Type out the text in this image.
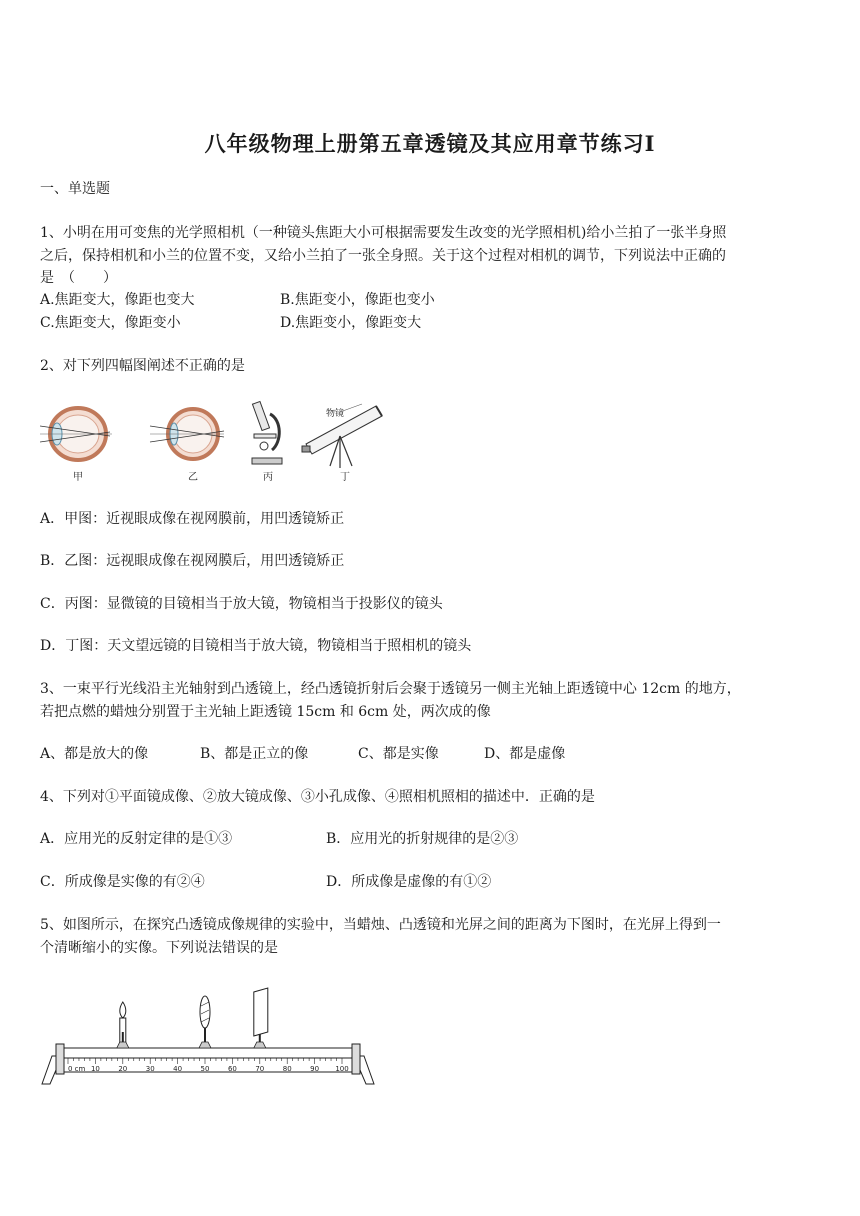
八年级物理上册第五章透镜及其应用章节练习Ⅰ
一、单选题
1、小明在用可变焦的光学照相机（一种镜头焦距大小可根据需要发生改变的光学照相机)给小兰拍了一张半身照
之后，保持相机和小兰的位置不变，又给小兰拍了一张全身照。关于这个过程对相机的调节，下列说法中正确的
是　（　　）
A.焦距变大，像距也变大	B.焦距变小，像距也变小
C.焦距变大，像距变小	D.焦距变小，像距变大
2、对下列四幅图阐述不正确的是
物镜
甲	乙	丙	丁
A．甲图：近视眼成像在视网膜前，用凹透镜矫正
B．乙图：远视眼成像在视网膜后，用凹透镜矫正
C．丙图：显微镜的目镜相当于放大镜，物镜相当于投影仪的镜头
D．丁图：天文望远镜的目镜相当于放大镜，物镜相当于照相机的镜头
3、一束平行光线沿主光轴射到凸透镜上，经凸透镜折射后会聚于透镜另一侧主光轴上距透镜中心 12cm 的地方，
若把点燃的蜡烛分别置于主光轴上距透镜 15cm 和 6cm 处，两次成的像
A、都是放大的像	B、都是正立的像	C、都是实像	D、都是虚像
4、下列对①平面镜成像、②放大镜成像、③小孔成像、④照相机照相的描述中．正确的是
A．应用光的反射定律的是①③	B．应用光的折射规律的是②③
C．所成像是实像的有②④	D．所成像是虚像的有①②
5、如图所示，在探究凸透镜成像规律的实验中，当蜡烛、凸透镜和光屏之间的距离为下图时，在光屏上得到一
个清晰缩小的实像。下列说法错误的是
0 cm 10	20	30	40	50	60	70	80	90 100
